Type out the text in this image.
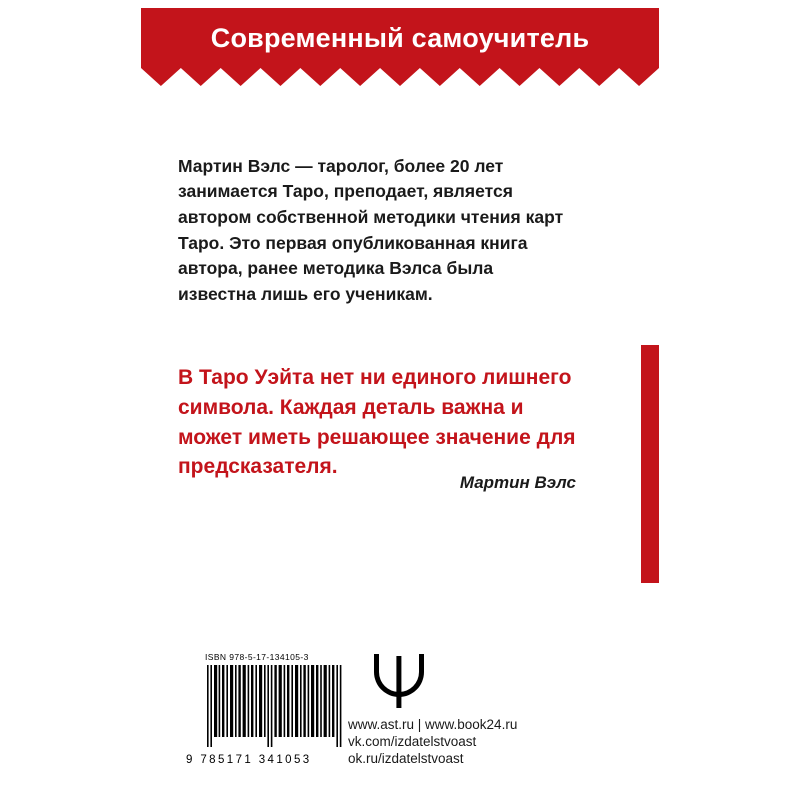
Современный самоучитель

Мартин Вэлс — таролог, более 20 лет занимается Таро, преподает, является автором собственной методики чтения карт Таро. Это первая опубликованная книга автора, ранее методика Вэлса была известна лишь его ученикам.

В Таро Уэйта нет ни единого лишнего символа. Каждая деталь важна и может иметь решающее значение для предсказателя.

Мартин Вэлс

ISBN 978-5-17-134105-3
9 785171 341053
www.ast.ru | www.book24.ru
vk.com/izdatelstvoast
ok.ru/izdatelstvoast
